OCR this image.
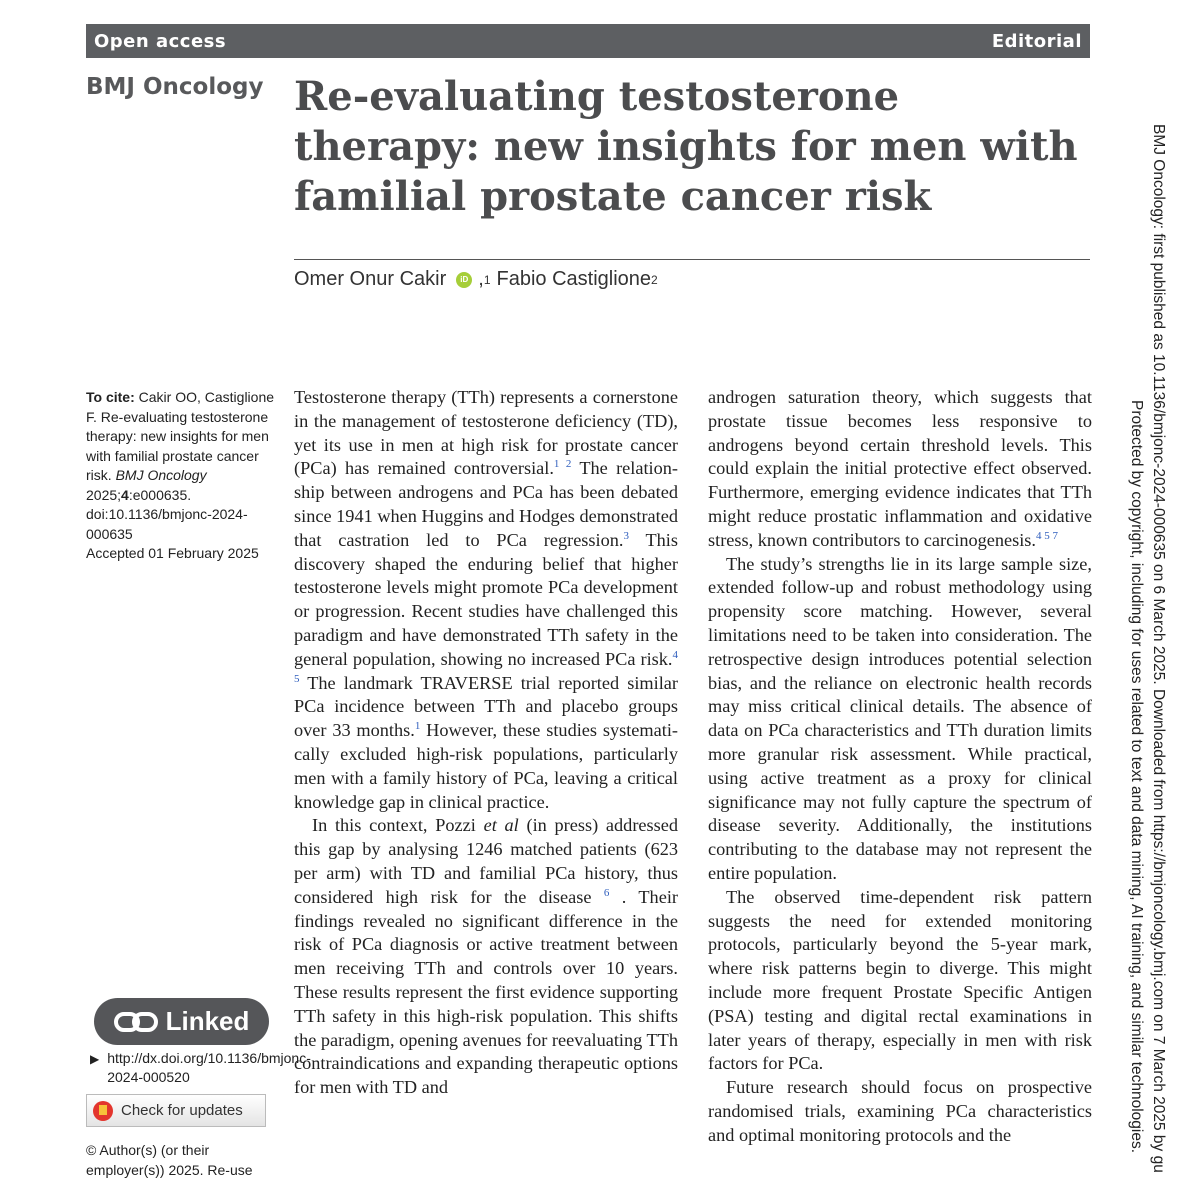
Open access	Editorial
BMJ Oncology Re-evaluating testosterone therapy: new insights for men with familial prostate cancer risk
Omer Onur Cakir	iD , 1 Fabio Castiglione 2
To cite: Cakir OO, Castiglione F. Re-evaluating testosterone therapy: new insights for men with familial prostate cancer risk. BMJ Oncology 2025;4:e000635. doi:10.1136/bmjonc-2024-000635
Accepted 01 February 2025

Testosterone therapy (TTh) represents a cornerstone in the management of testosterone deficiency (TD), yet its use in men at high risk for prostate cancer (PCa) has remained controversial.$^{1 2}$ The relationship between androgens and PCa has been debated since 1941 when Huggins and Hodges demonstrated that castration led to PCa regression.$^3$ This discovery shaped the enduring belief that higher testosterone levels might promote PCa development or progression. Recent studies have challenged this paradigm and have demonstrated TTh safety in the general population, showing no increased PCa risk.$^{4 5}$ The landmark TRAVERSE trial reported similar PCa incidence between TTh and placebo groups over 33 months.$^1$ However, these studies systematically excluded high-risk populations, particularly men with a family history of PCa, leaving a critical knowledge gap in clinical practice.

In this context, Pozzi et al (in press) addressed this gap by analysing 1246 matched patients (623 per arm) with TD and familial PCa history, thus considered high risk for the disease $^6$ . Their findings revealed no significant difference in the risk of PCa diagnosis or active treatment between men receiving TTh and controls over 10 years. These results represent the first evidence supporting TTh safety in this high-risk population. This shifts the paradigm, opening avenues for reevaluating TTh contraindications and expanding therapeutic options for men with TD and

androgen saturation theory, which suggests that prostate tissue becomes less responsive to androgens beyond certain threshold levels. This could explain the initial protective effect observed. Furthermore, emerging evidence indicates that TTh might reduce prostatic inflammation and oxidative stress, known contributors to carcinogenesis.$^{4 5 7}$

The study’s strengths lie in its large sample size, extended follow-up and robust methodology using propensity score matching. However, several limitations need to be taken into consideration. The retrospective design introduces potential selection bias, and the reliance on electronic health records may miss critical clinical details. The absence of data on PCa characteristics and TTh duration limits more granular risk assessment. While practical, using active treatment as a proxy for clinical significance may not fully capture the spectrum of disease severity. Additionally, the institutions contributing to the database may not represent the entire population.

The observed time-dependent risk pattern suggests the need for extended monitoring protocols, particularly beyond the 5-year mark, where risk patterns begin to diverge. This might include more frequent Prostate Specific Antigen (PSA) testing and digital rectal examinations in later years of therapy, especially in men with risk factors for PCa.

Future research should focus on prospective randomised trials, examining PCa characteristics and optimal monitoring protocols and the

Linked
▶ http://dx.doi.org/10.1136/bmjonc-2024-000520
Check for updates
© Author(s) (or their employer(s)) 2025. Re-use	BMJ Oncology: first published as 10.1136/bmjonc-2024-000635 on 6 March 2025. Downloaded from https://bmjoncology.bmj.com on 7 March 2025 by gu
Protected by copyright, including for uses related to text and data mining, AI training, and similar technologies.
